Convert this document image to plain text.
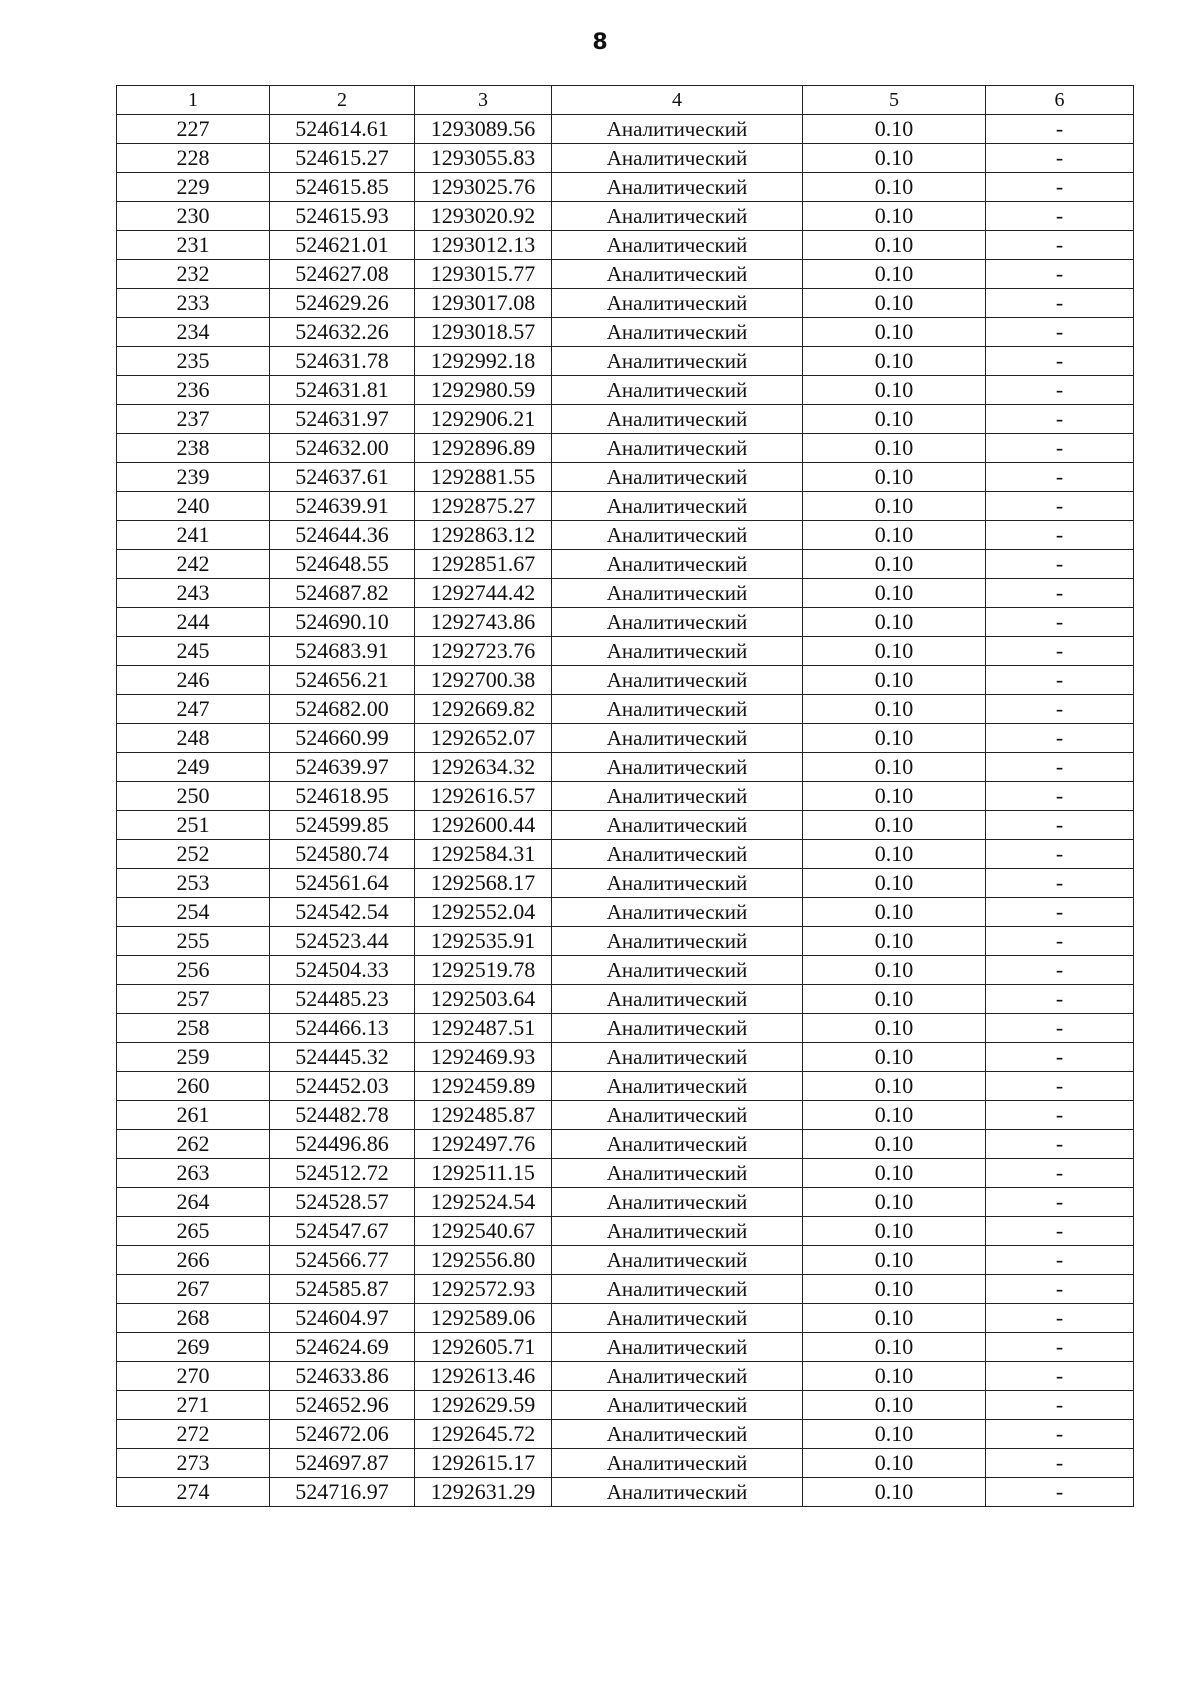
8
1	2	3	4	5	6
227	524614.61	1293089.56	Аналитический	0.10	-
228	524615.27	1293055.83	Аналитический	0.10	-
229	524615.85	1293025.76	Аналитический	0.10	-
230	524615.93	1293020.92	Аналитический	0.10	-
231	524621.01	1293012.13	Аналитический	0.10	-
232	524627.08	1293015.77	Аналитический	0.10	-
233	524629.26	1293017.08	Аналитический	0.10	-
234	524632.26	1293018.57	Аналитический	0.10	-
235	524631.78	1292992.18	Аналитический	0.10	-
236	524631.81	1292980.59	Аналитический	0.10	-
237	524631.97	1292906.21	Аналитический	0.10	-
238	524632.00	1292896.89	Аналитический	0.10	-
239	524637.61	1292881.55	Аналитический	0.10	-
240	524639.91	1292875.27	Аналитический	0.10	-
241	524644.36	1292863.12	Аналитический	0.10	-
242	524648.55	1292851.67	Аналитический	0.10	-
243	524687.82	1292744.42	Аналитический	0.10	-
244	524690.10	1292743.86	Аналитический	0.10	-
245	524683.91	1292723.76	Аналитический	0.10	-
246	524656.21	1292700.38	Аналитический	0.10	-
247	524682.00	1292669.82	Аналитический	0.10	-
248	524660.99	1292652.07	Аналитический	0.10	-
249	524639.97	1292634.32	Аналитический	0.10	-
250	524618.95	1292616.57	Аналитический	0.10	-
251	524599.85	1292600.44	Аналитический	0.10	-
252	524580.74	1292584.31	Аналитический	0.10	-
253	524561.64	1292568.17	Аналитический	0.10	-
254	524542.54	1292552.04	Аналитический	0.10	-
255	524523.44	1292535.91	Аналитический	0.10	-
256	524504.33	1292519.78	Аналитический	0.10	-
257	524485.23	1292503.64	Аналитический	0.10	-
258	524466.13	1292487.51	Аналитический	0.10	-
259	524445.32	1292469.93	Аналитический	0.10	-
260	524452.03	1292459.89	Аналитический	0.10	-
261	524482.78	1292485.87	Аналитический	0.10	-
262	524496.86	1292497.76	Аналитический	0.10	-
263	524512.72	1292511.15	Аналитический	0.10	-
264	524528.57	1292524.54	Аналитический	0.10	-
265	524547.67	1292540.67	Аналитический	0.10	-
266	524566.77	1292556.80	Аналитический	0.10	-
267	524585.87	1292572.93	Аналитический	0.10	-
268	524604.97	1292589.06	Аналитический	0.10	-
269	524624.69	1292605.71	Аналитический	0.10	-
270	524633.86	1292613.46	Аналитический	0.10	-
271	524652.96	1292629.59	Аналитический	0.10	-
272	524672.06	1292645.72	Аналитический	0.10	-
273	524697.87	1292615.17	Аналитический	0.10	-
274	524716.97	1292631.29	Аналитический	0.10	-
